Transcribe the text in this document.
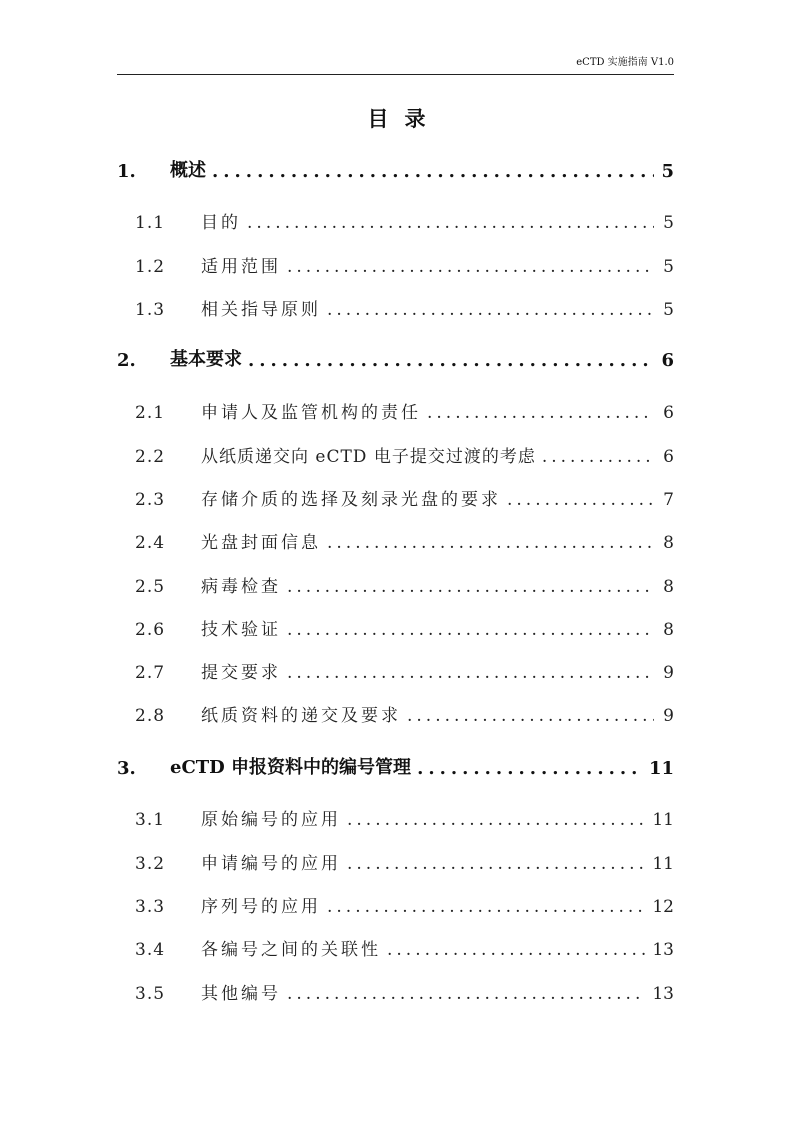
eCTD 实施指南 V1.0
目录
1.	概述 .....	5
1.1	目的 .....	5
1.2	适用范围 .....	5
1.3	相关指导原则 .....	5
2.	基本要求 .....	6
2.1	申请人及监管机构的责任 .....	6
2.2	从纸质递交向 eCTD 电子提交过渡的考虑 .....	6
2.3	存储介质的选择及刻录光盘的要求 .....	7
2.4	光盘封面信息 .....	8
2.5	病毒检查 .....	8
2.6	技术验证 .....	8
2.7	提交要求 .....	9
2.8	纸质资料的递交及要求 .....	9
3.	eCTD 申报资料中的编号管理 .....	11
3.1	原始编号的应用 .....	11
3.2	申请编号的应用 .....	11
3.3	序列号的应用 .....	12
3.4	各编号之间的关联性 .....	13
3.5	其他编号 .....	13
